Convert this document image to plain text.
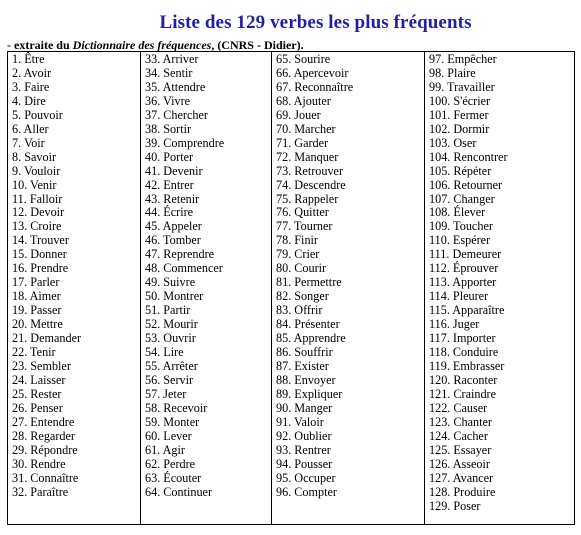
Liste des 129 verbes les plus fréquents
- extraite du Dictionnaire des fréquences, (CNRS - Didier).
1. Être
2. Avoir
3. Faire
4. Dire
5. Pouvoir
6. Aller
7. Voir
8. Savoir
9. Vouloir
10. Venir
11. Falloir
12. Devoir
13. Croire
14. Trouver
15. Donner
16. Prendre
17. Parler
18. Aimer
19. Passer
20. Mettre
21. Demander
22. Tenir
23. Sembler
24. Laisser
25. Rester
26. Penser
27. Entendre
28. Regarder
29. Répondre
30. Rendre
31. Connaître
32. Paraître
33. Arriver
34. Sentir
35. Attendre
36. Vivre
37. Chercher
38. Sortir
39. Comprendre
40. Porter
41. Devenir
42. Entrer
43. Retenir
44. Écrire
45. Appeler
46. Tomber
47. Reprendre
48. Commencer
49. Suivre
50. Montrer
51. Partir
52. Mourir
53. Ouvrir
54. Lire
55. Arrêter
56. Servir
57. Jeter
58. Recevoir
59. Monter
60. Lever
61. Agir
62. Perdre
63. Écouter
64. Continuer
65. Sourire
66. Apercevoir
67. Reconnaître
68. Ajouter
69. Jouer
70. Marcher
71. Garder
72. Manquer
73. Retrouver
74. Descendre
75. Rappeler
76. Quitter
77. Tourner
78. Finir
79. Crier
80. Courir
81. Permettre
82. Songer
83. Offrir
84. Présenter
85. Apprendre
86. Souffrir
87. Exister
88. Envoyer
89. Expliquer
90. Manger
91. Valoir
92. Oublier
93. Rentrer
94. Pousser
95. Occuper
96. Compter
97. Empêcher
98. Plaire
99. Travailler
100. S'écrier
101. Fermer
102. Dormir
103. Oser
104. Rencontrer
105. Répéter
106. Retourner
107. Changer
108. Élever
109. Toucher
110. Espérer
111. Demeurer
112. Éprouver
113. Apporter
114. Pleurer
115. Apparaître
116. Juger
117. Importer
118. Conduire
119. Embrasser
120. Raconter
121. Craindre
122. Causer
123. Chanter
124. Cacher
125. Essayer
126. Asseoir
127. Avancer
128. Produire
129. Poser
